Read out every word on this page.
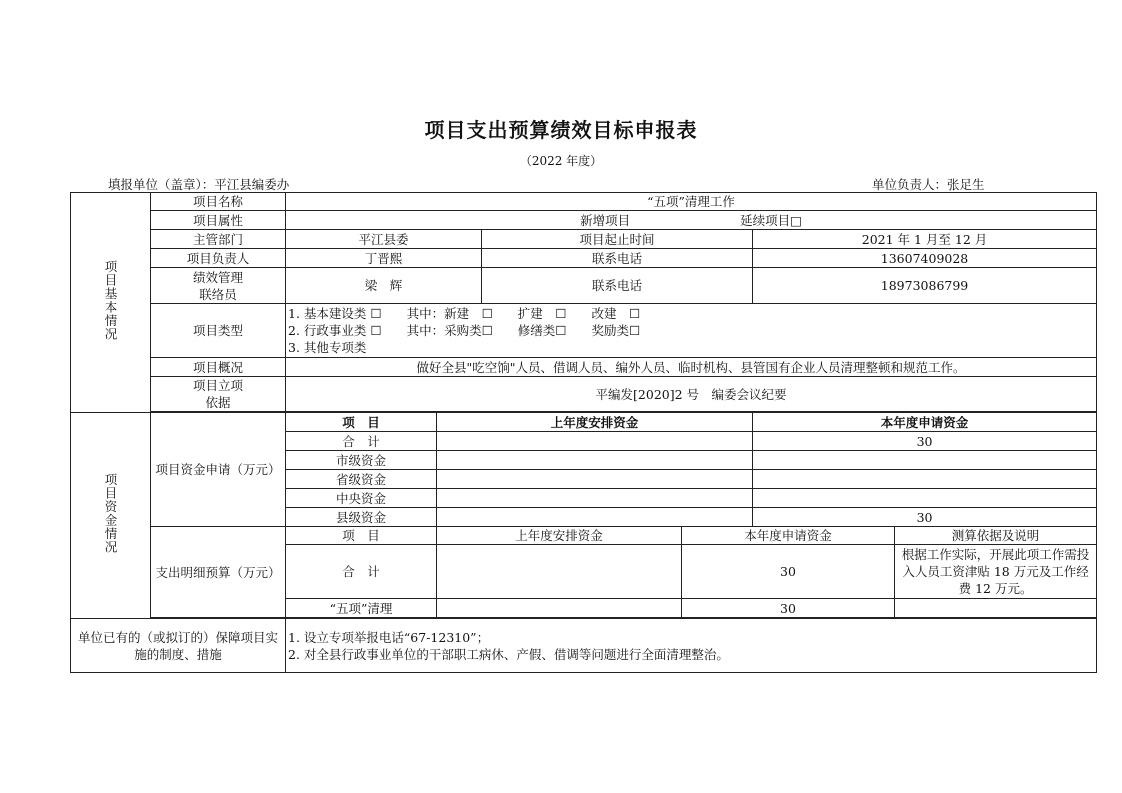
项目支出预算绩效目标申报表
（2022 年度）
填报单位（盖章）：平江县编委办	单位负责人：张足生
项目基本情况	项目名称	“五项”清理工作					
	项目属性	新增项目 延续项目□					
	主管部门	平江县委		项目起止时间		2021 年 1 月至 12 月	
	项目负责人	丁晋熙		联系电话		13607409028	

	绩效管理
联络员	梁　辉		联系电话		18973086799	
	项目类型	1. 基本建设类 ☐　　其中：新建　☐　　扩建　☐　　改建　☐
2. 行政事业类 ☐　　其中：采购类☐　　修缮类☐　　奖励类☐
3. 其他专项类					

	项目概况	做好全县"吃空饷"人员、借调人员、编外人员、临时机构、县管国有企业人员清理整顿和规范工作。					

	项目立项
依据	平编发[2020]2 号　编委会议纪要					

项目资金情况	项目资金申请（万元）	项　目	上年度安排资金			本年度申请资金	
		合　计				30	
		市级资金					
		省级资金					
		中央资金					
		县级资金				30	
	支出明细预算（万元）	项　目	上年度安排资金		本年度申请资金		测算依据及说明
		合　计			30		根据工作实际，开展此项工作需投
入人员工资津贴 18 万元及工作经
费 12 万元。

		“五项”清理			30		

单位已有的（或拟订的）保障项目实
施的制度、措施		1. 设立专项举报电话“67-12310”；
2. 对全县行政事业单位的干部职工病休、产假、借调等问题进行全面清理整治。					
